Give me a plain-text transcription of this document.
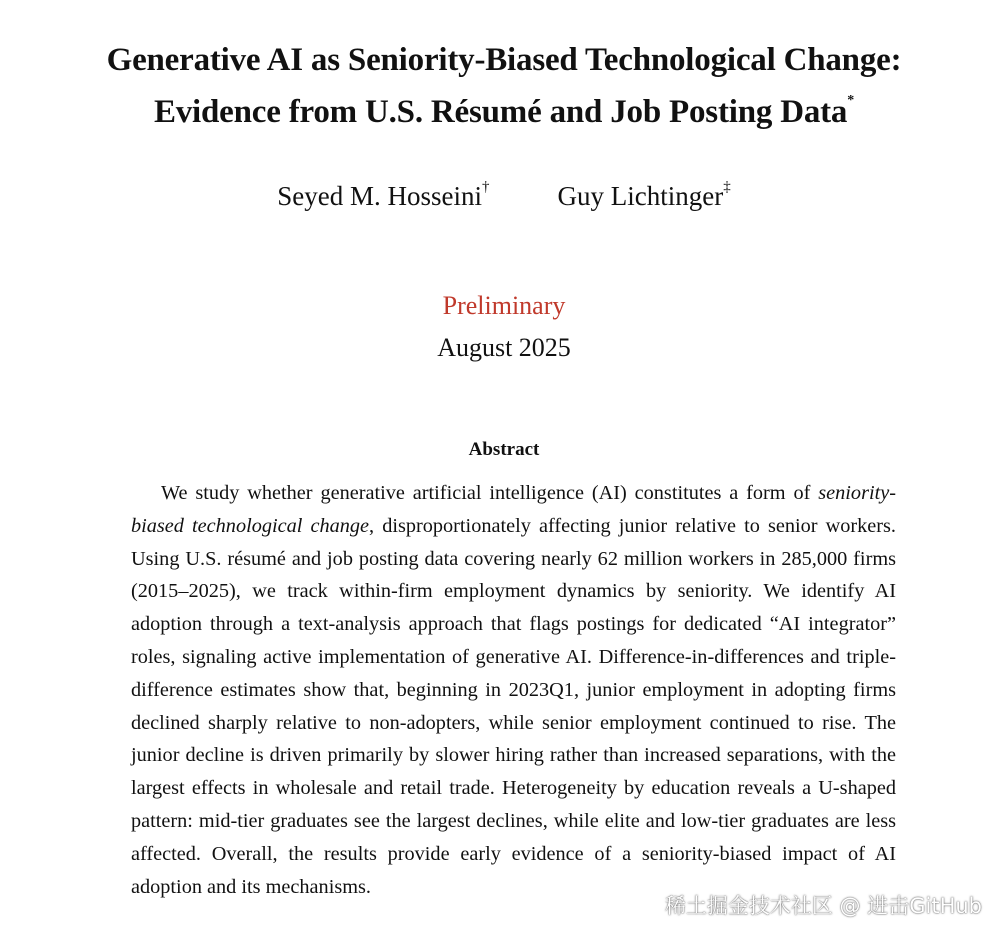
Generative AI as Seniority-Biased Technological Change:
Evidence from U.S. Résumé and Job Posting Data*
Seyed M. Hosseini†	Guy Lichtinger‡
Preliminary
August 2025
Abstract

We study whether generative artificial intelligence (AI) constitutes a form of seniority-biased technological change, disproportionately affecting junior relative to senior workers. Using U.S. résumé and job posting data covering nearly 62 million workers in 285,000 firms (2015–2025), we track within-firm employment dynamics by seniority. We identify AI adoption through a text-analysis approach that flags postings for dedicated “AI integrator” roles, signaling active implementation of generative AI. Difference-in-differences and triple-difference estimates show that, beginning in 2023Q1, junior employment in adopting firms declined sharply relative to non-adopters, while senior employment continued to rise. The junior decline is driven primarily by slower hiring rather than increased separations, with the largest effects in wholesale and retail trade. Heterogeneity by education reveals a U-shaped pattern: mid-tier graduates see the largest declines, while elite and low-tier graduates are less affected. Overall, the results provide early evidence of a seniority-biased impact of AI adoption and its mechanisms.

稀土掘金技术社区 @ 进击GitHub
